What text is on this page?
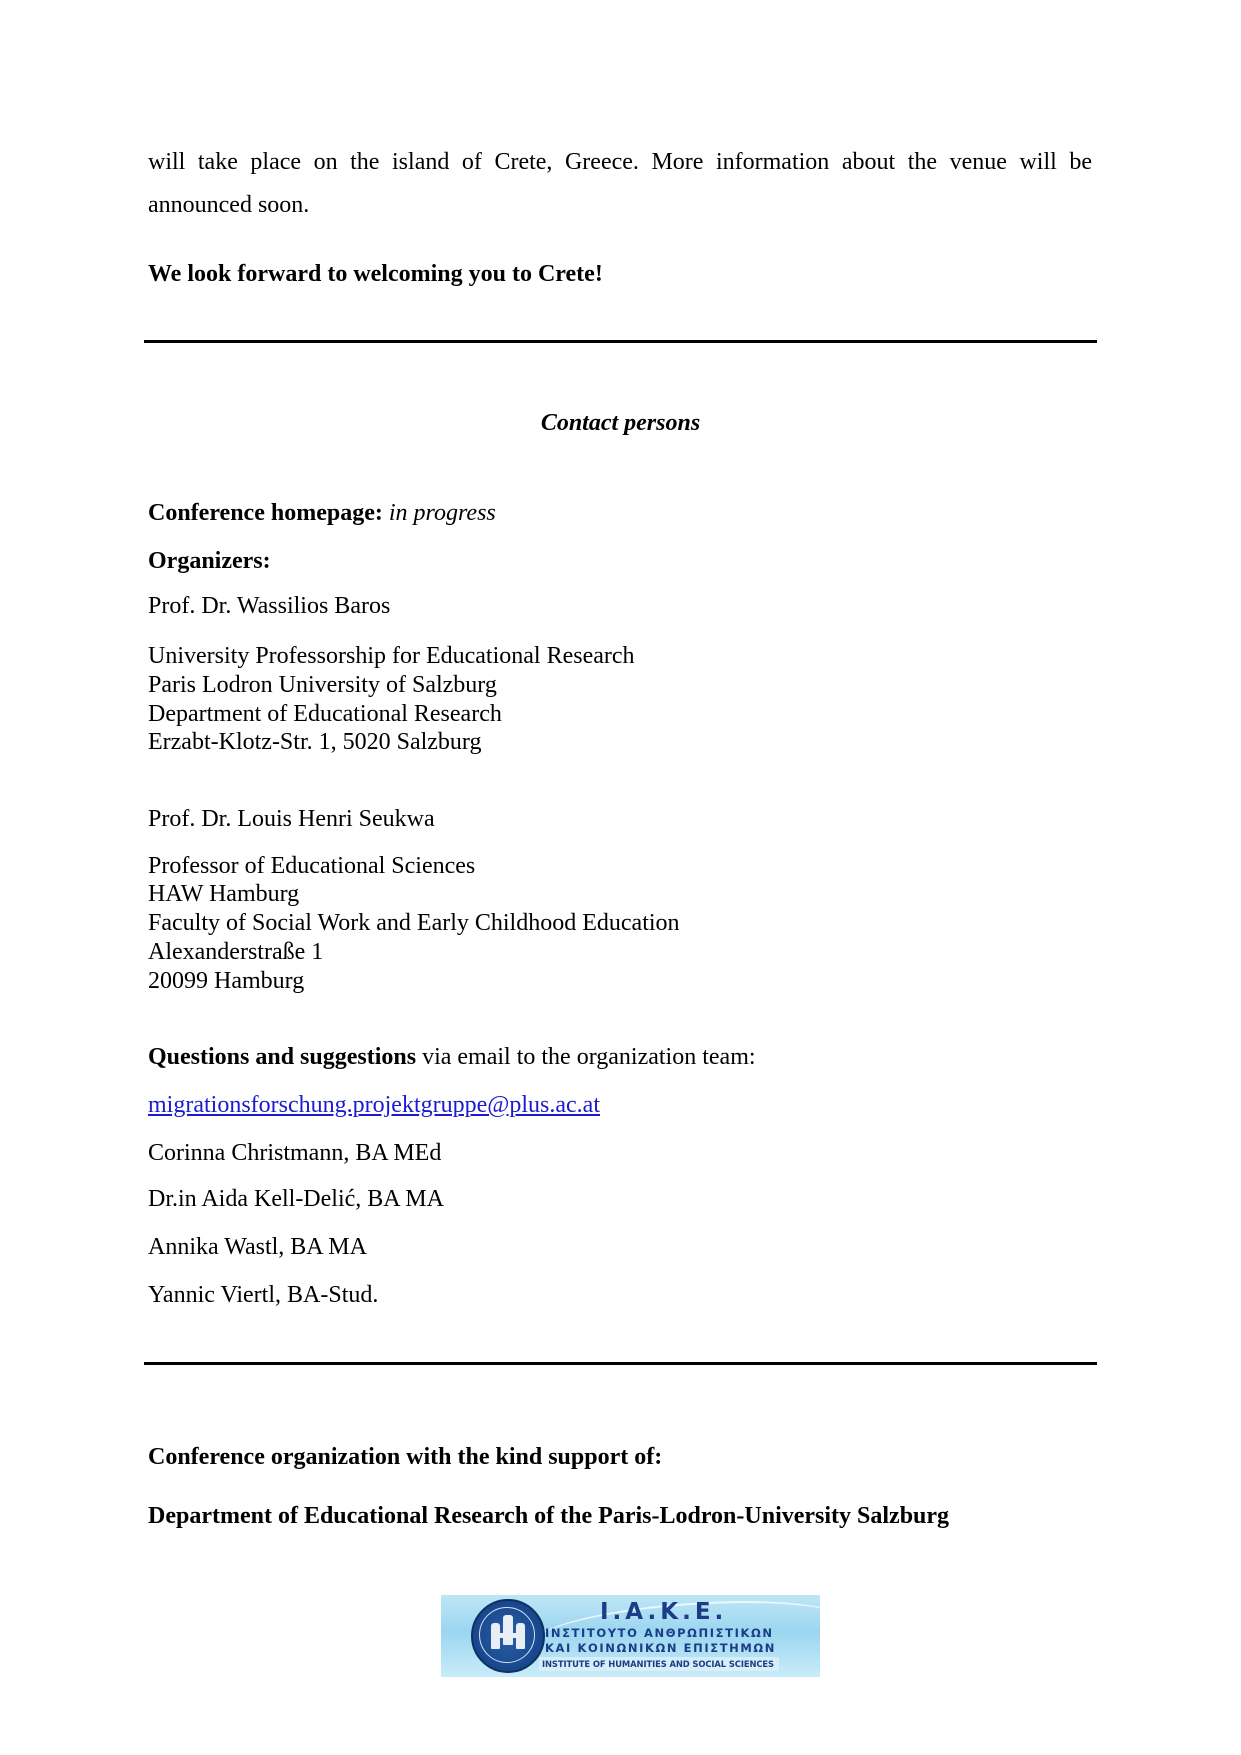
will take place on the island of Crete, Greece. More information about the venue will be

announced soon.

We look forward to welcoming you to Crete!

Contact persons

Conference homepage: in progress

Organizers:

Prof. Dr. Wassilios Baros

University Professorship for Educational Research

Paris Lodron University of Salzburg

Department of Educational Research

Erzabt-Klotz-Str. 1, 5020 Salzburg

Prof. Dr. Louis Henri Seukwa

Professor of Educational Sciences

HAW Hamburg

Faculty of Social Work and Early Childhood Education

Alexanderstraße 1

20099 Hamburg

Questions and suggestions via email to the organization team:

migrationsforschung.projektgruppe@plus.ac.at

Corinna Christmann, BA MEd

Dr.in Aida Kell-Delić, BA MA

Annika Wastl, BA MA

Yannic Viertl, BA-Stud.

Conference organization with the kind support of:

Department of Educational Research of the Paris-Lodron-University Salzburg

I.A.K.E.
ΙΝΣΤΙΤΟΥΤΟ ΑΝΘΡΩΠΙΣΤΙΚΩΝ
ΚΑΙ ΚΟΙΝΩΝΙΚΩΝ ΕΠΙΣΤΗΜΩΝ
INSTITUTE OF HUMANITIES AND SOCIAL SCIENCES
